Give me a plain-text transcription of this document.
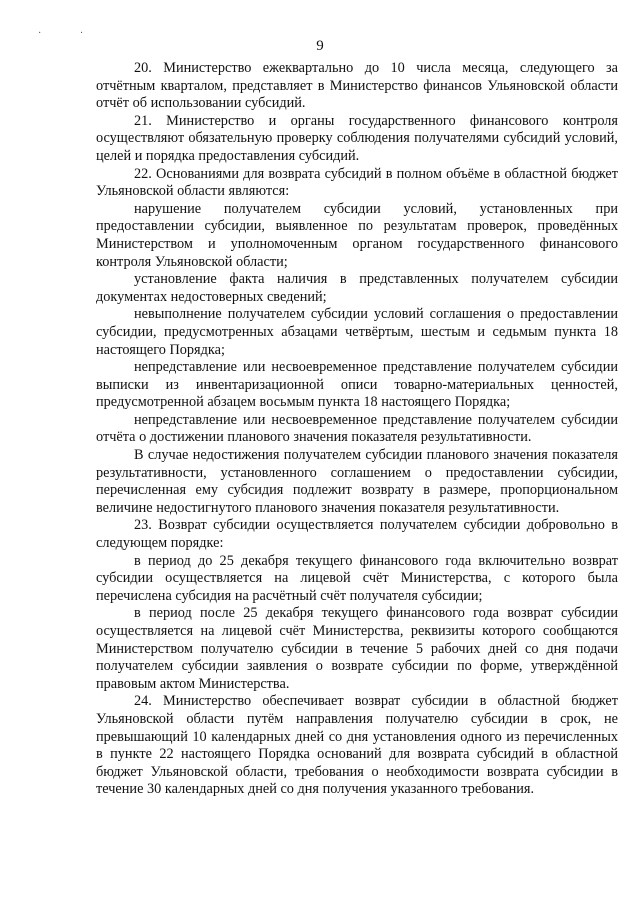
· ·
9

20. Министерство ежеквартально до 10 числа месяца, следующего за отчётным кварталом, представляет в Министерство финансов Ульяновской области отчёт об использовании субсидий.

21. Министерство и органы государственного финансового контроля осуществляют обязательную проверку соблюдения получателями субсидий условий, целей и порядка предоставления субсидий.

22. Основаниями для возврата субсидий в полном объёме в областной бюджет Ульяновской области являются:

нарушение получателем субсидии условий, установленных при предоставлении субсидии, выявленное по результатам проверок, проведённых Министерством и уполномоченным органом государственного финансового контроля Ульяновской области;

установление факта наличия в представленных получателем субсидии документах недостоверных сведений;

невыполнение получателем субсидии условий соглашения о предоставлении субсидии, предусмотренных абзацами четвёртым, шестым и седьмым пункта 18 настоящего Порядка;

непредставление или несвоевременное представление получателем субсидии выписки из инвентаризационной описи товарно-материальных ценностей, предусмотренной абзацем восьмым пункта 18 настоящего Порядка;

непредставление или несвоевременное представление получателем субсидии отчёта о достижении планового значения показателя результативности.

В случае недостижения получателем субсидии планового значения показателя результативности, установленного соглашением о предоставлении субсидии, перечисленная ему субсидия подлежит возврату в размере, пропорциональном величине недостигнутого планового значения показателя результативности.

23. Возврат субсидии осуществляется получателем субсидии добровольно в следующем порядке:

в период до 25 декабря текущего финансового года включительно возврат субсидии осуществляется на лицевой счёт Министерства, с которого была перечислена субсидия на расчётный счёт получателя субсидии;

в период после 25 декабря текущего финансового года возврат субсидии осуществляется на лицевой счёт Министерства, реквизиты которого сообщаются Министерством получателю субсидии в течение 5 рабочих дней со дня подачи получателем субсидии заявления о возврате субсидии по форме, утверждённой правовым актом Министерства.

24. Министерство обеспечивает возврат субсидии в областной бюджет Ульяновской области путём направления получателю субсидии в срок, не превышающий 10 календарных дней со дня установления одного из перечисленных в пункте 22 настоящего Порядка оснований для возврата субсидий в областной бюджет Ульяновской области, требования о необходимости возврата субсидии в течение 30 календарных дней со дня получения указанного требования.
